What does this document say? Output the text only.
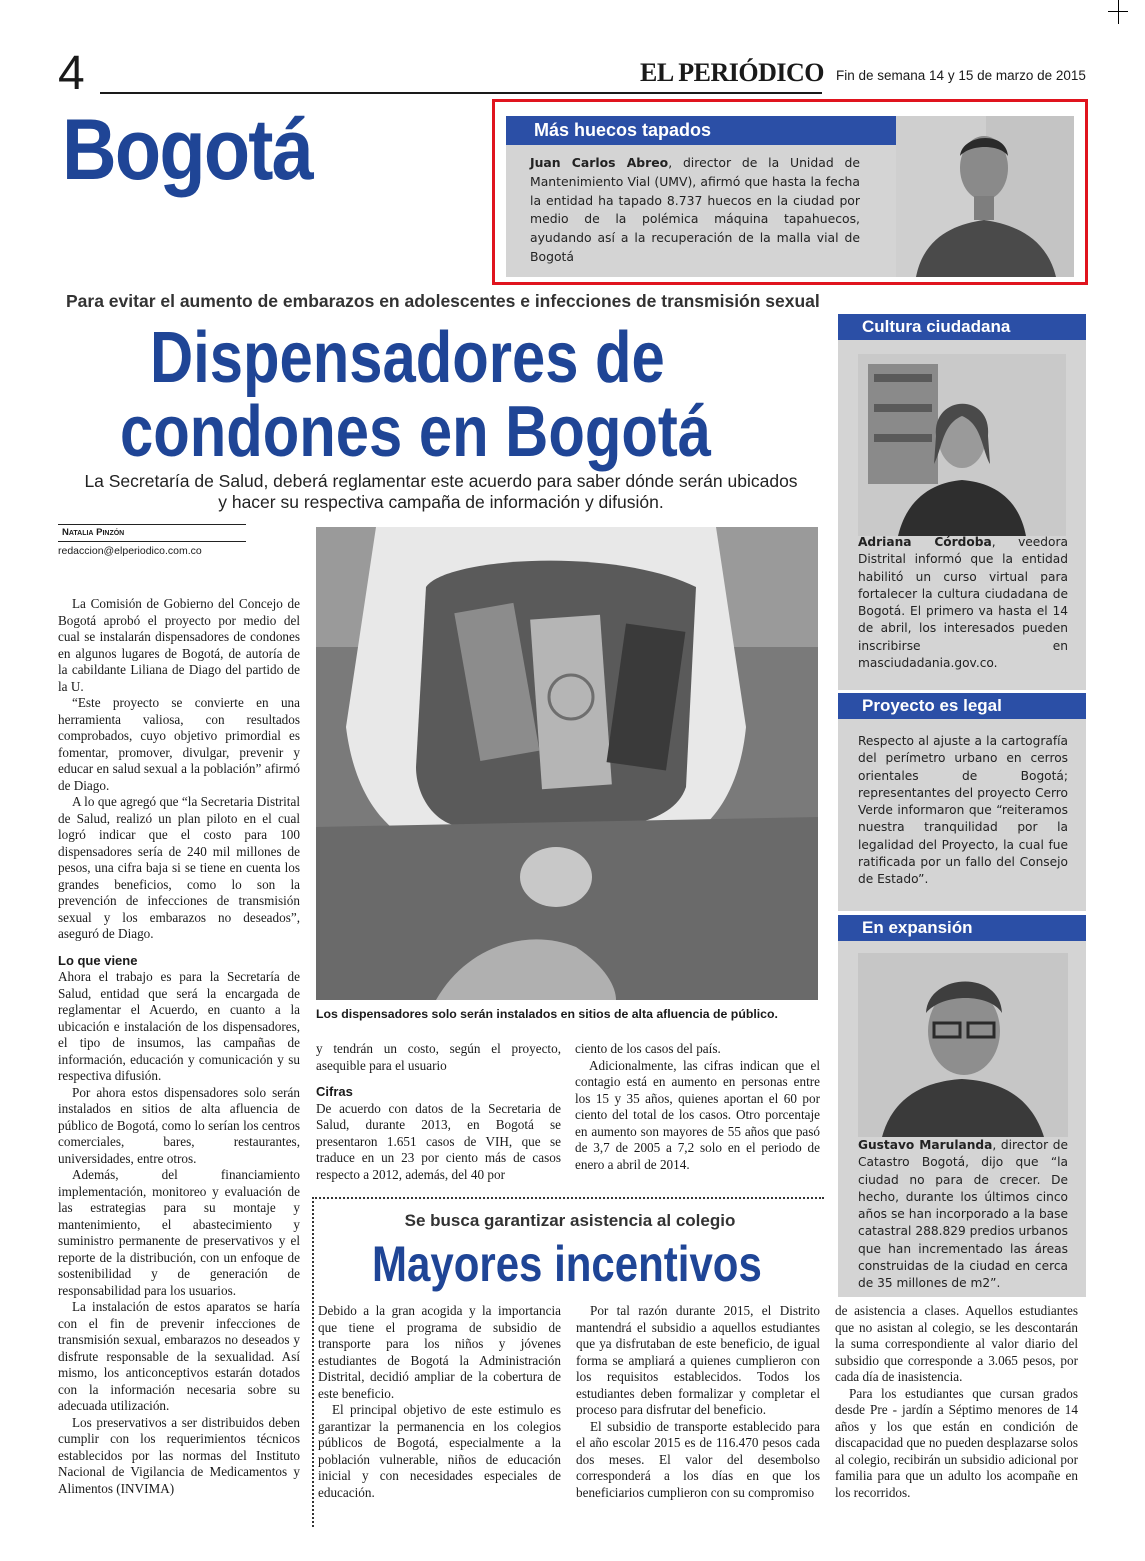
4	EL PERIÓDICO Fin de semana 14 y 15 de marzo de 2015
Bogotá	Más huecos tapados
Juan Carlos Abreo, director de la Unidad de Mantenimiento Vial (UMV), afirmó que hasta la fecha la entidad ha tapado 8.737 huecos en la ciudad por medio de la polémica máquina tapahuecos, ayudando así a la recuperación de la malla vial de Bogotá
Para evitar el aumento de embarazos en adolescentes e infecciones de transmisión sexual
Dispensadores de
condones en Bogotá
La Secretaría de Salud, deberá reglamentar este acuerdo para saber dónde serán ubicados
y hacer su respectiva campaña de información y difusión.
Natalia Pinzón
redaccion@elperiodico.com.co
Los dispensadores solo serán instalados en sitios de alta afluencia de público.

La Comisión de Gobierno del Concejo de Bogotá aprobó el proyecto por medio del cual se instalarán dispensadores de condones en algunos lugares de Bogotá, de autoría de la cabildante Liliana de Diago del partido de la U.

“Este proyecto se convierte en una herramienta valiosa, con resultados comprobados, cuyo objetivo primordial es fomentar, promover, divulgar, prevenir y educar en salud sexual a la población” afirmó de Diago.

A lo que agregó que “la Secretaria Distrital de Salud, realizó un plan piloto en el cual logró indicar que el costo para 100 dispensadores sería de 240 mil millones de pesos, una cifra baja si se tiene en cuenta los grandes beneficios, como lo son la prevención de infecciones de transmisión sexual y los embarazos no deseados”, aseguró de Diago.

Lo que viene

Ahora el trabajo es para la Secretaría de Salud, entidad que será la encargada de reglamentar el Acuerdo, en cuanto a la ubicación e instalación de los dispensadores, el tipo de insumos, las campañas de información, educación y comunicación y su respectiva difusión.

Por ahora estos dispensadores solo serán instalados en sitios de alta afluencia de público de Bogotá, como lo serían los centros comerciales, bares, restaurantes, universidades, entre otros.

Además, del financiamiento implementación, monitoreo y evaluación de las estrategias para su montaje y mantenimiento, el abastecimiento y suministro permanente de preservativos y el reporte de la distribución, con un enfoque de sostenibilidad y de generación de responsabilidad para los usuarios.

La instalación de estos aparatos se haría con el fin de prevenir infecciones de transmisión sexual, embarazos no deseados y disfrute responsable de la sexualidad. Así mismo, los anticonceptivos estarán dotados con la información necesaria sobre su adecuada utilización.

Los preservativos a ser distribuidos deben cumplir con los requerimientos técnicos establecidos por las normas del Instituto Nacional de Vigilancia de Medicamentos y Alimentos (INVIMA)

y tendrán un costo, según el proyecto, asequible para el usuario

Cifras

De acuerdo con datos de la Secretaria de Salud, durante 2013, en Bogotá se presentaron 1.651 casos de VIH, que se traduce en un 23 por ciento más de casos respecto a 2012, además, del 40 por

ciento de los casos del país.

Adicionalmente, las cifras indican que el contagio está en aumento en personas entre los 15 y 35 años, quienes aportan el 60 por ciento del total de los casos. Otro porcentaje en aumento son mayores de 55 años que pasó de 3,7 de 2005 a 7,2 solo en el periodo de enero a abril de 2014.

Se busca garantizar asistencia al colegio
Mayores incentivos

Debido a la gran acogida y la importancia que tiene el programa de subsidio de transporte para los niños y jóvenes estudiantes de Bogotá la Administración Distrital, decidió ampliar de la cobertura de este beneficio.

El principal objetivo de este estimulo es garantizar la permanencia en los colegios públicos de Bogotá, especialmente a la población vulnerable, niños de educación inicial y con necesidades especiales de educación.

Por tal razón durante 2015, el Distrito mantendrá el subsidio a aquellos estudiantes que ya disfrutaban de este beneficio, de igual forma se ampliará a quienes cumplieron con los requisitos establecidos. Todos los estudiantes deben formalizar y completar el proceso para disfrutar del beneficio.

El subsidio de transporte establecido para el año escolar 2015 es de 116.470 pesos cada dos meses. El valor del desembolso corresponderá a los días en que los beneficiarios cumplieron con su compromiso

de asistencia a clases. Aquellos estudiantes que no asistan al colegio, se les descontarán la suma correspondiente al valor diario del subsidio que corresponde a 3.065 pesos, por cada día de inasistencia.

Para los estudiantes que cursan grados desde Pre - jardín a Séptimo menores de 14 años y los que están en condición de discapacidad que no pueden desplazarse solos al colegio, recibirán un subsidio adicional por familia para que un adulto los acompañe en los recorridos.

Cultura ciudadana
Adriana Córdoba, veedora Distrital informó que la entidad habilitó un curso virtual para fortalecer la cultura ciudadana de Bogotá. El primero va hasta el 14 de abril, los interesados pueden inscribirse en masciudadania.gov.co.
Proyecto es legal
Respecto al ajuste a la cartografía del perímetro urbano en cerros orientales de Bogotá; representantes del proyecto Cerro Verde informaron que “reiteramos nuestra tranquilidad por la legalidad del Proyecto, la cual fue ratificada por un fallo del Consejo de Estado”.
En expansión
Gustavo Marulanda, director de Catastro Bogotá, dijo que “la ciudad no para de crecer. De hecho, durante los últimos cinco años se han incorporado a la base catastral 288.829 predios urbanos que han incrementado las áreas construidas de la ciudad en cerca de 35 millones de m2”.
